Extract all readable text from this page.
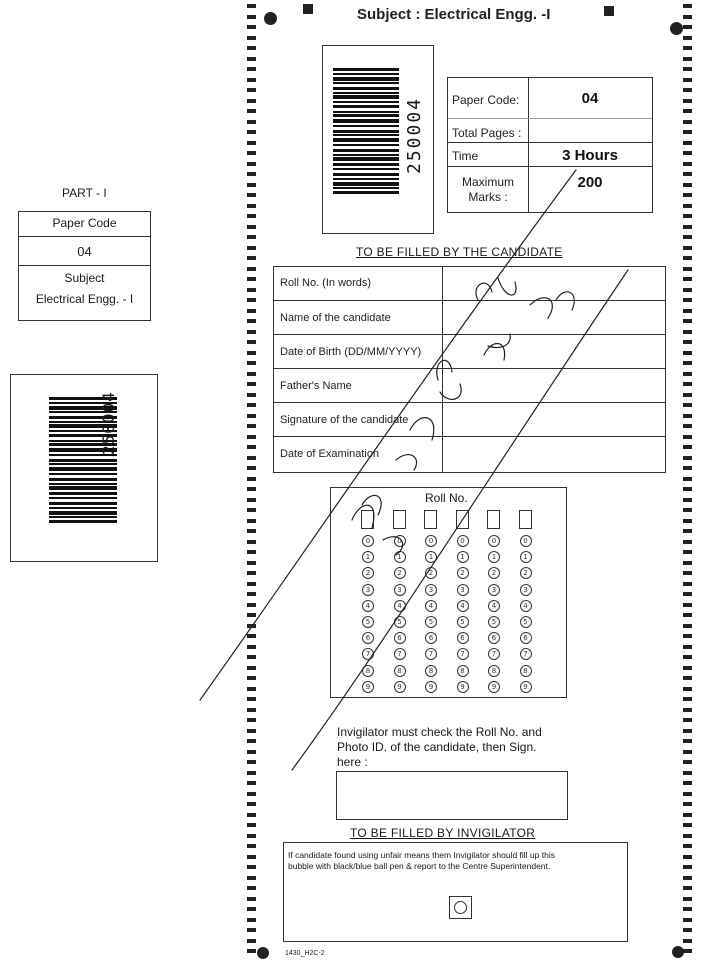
PART - I
Paper Code
04
Subject
Electrical Engg. - I
250004
Subject : Electrical Engg. -I
250004 Paper Code:	04
Total Pages :
Time	3 Hours
Maximum
Marks :
200
TO BE FILLED BY THE CANDIDATE
Roll No. (In words)
Name of the candidate
Date of Birth (DD/MM/YYYY)
Father's Name
Signature of the candidate
Date of Examination
Roll No.
0
1
2
3
4
5
6
7
8
9
0
1
2
3
4
5
6
7
8
9
0
1
2
3
4
5
6
7
8
9
0
1
2
3
4
5
6
7
8
9
0
1
2
3
4
5
6
7
8
9
0
1
2
3
4
5
6
7
8
9
Invigilator must check the Roll No. and
Photo ID. of the candidate, then Sign.
here :
TO BE FILLED BY INVIGILATOR
If candidate found using unfair means them Invigilator should fill up this
bubble with black/blue ball pen & report to the Centre Superintendent.
1430_H2C-2
